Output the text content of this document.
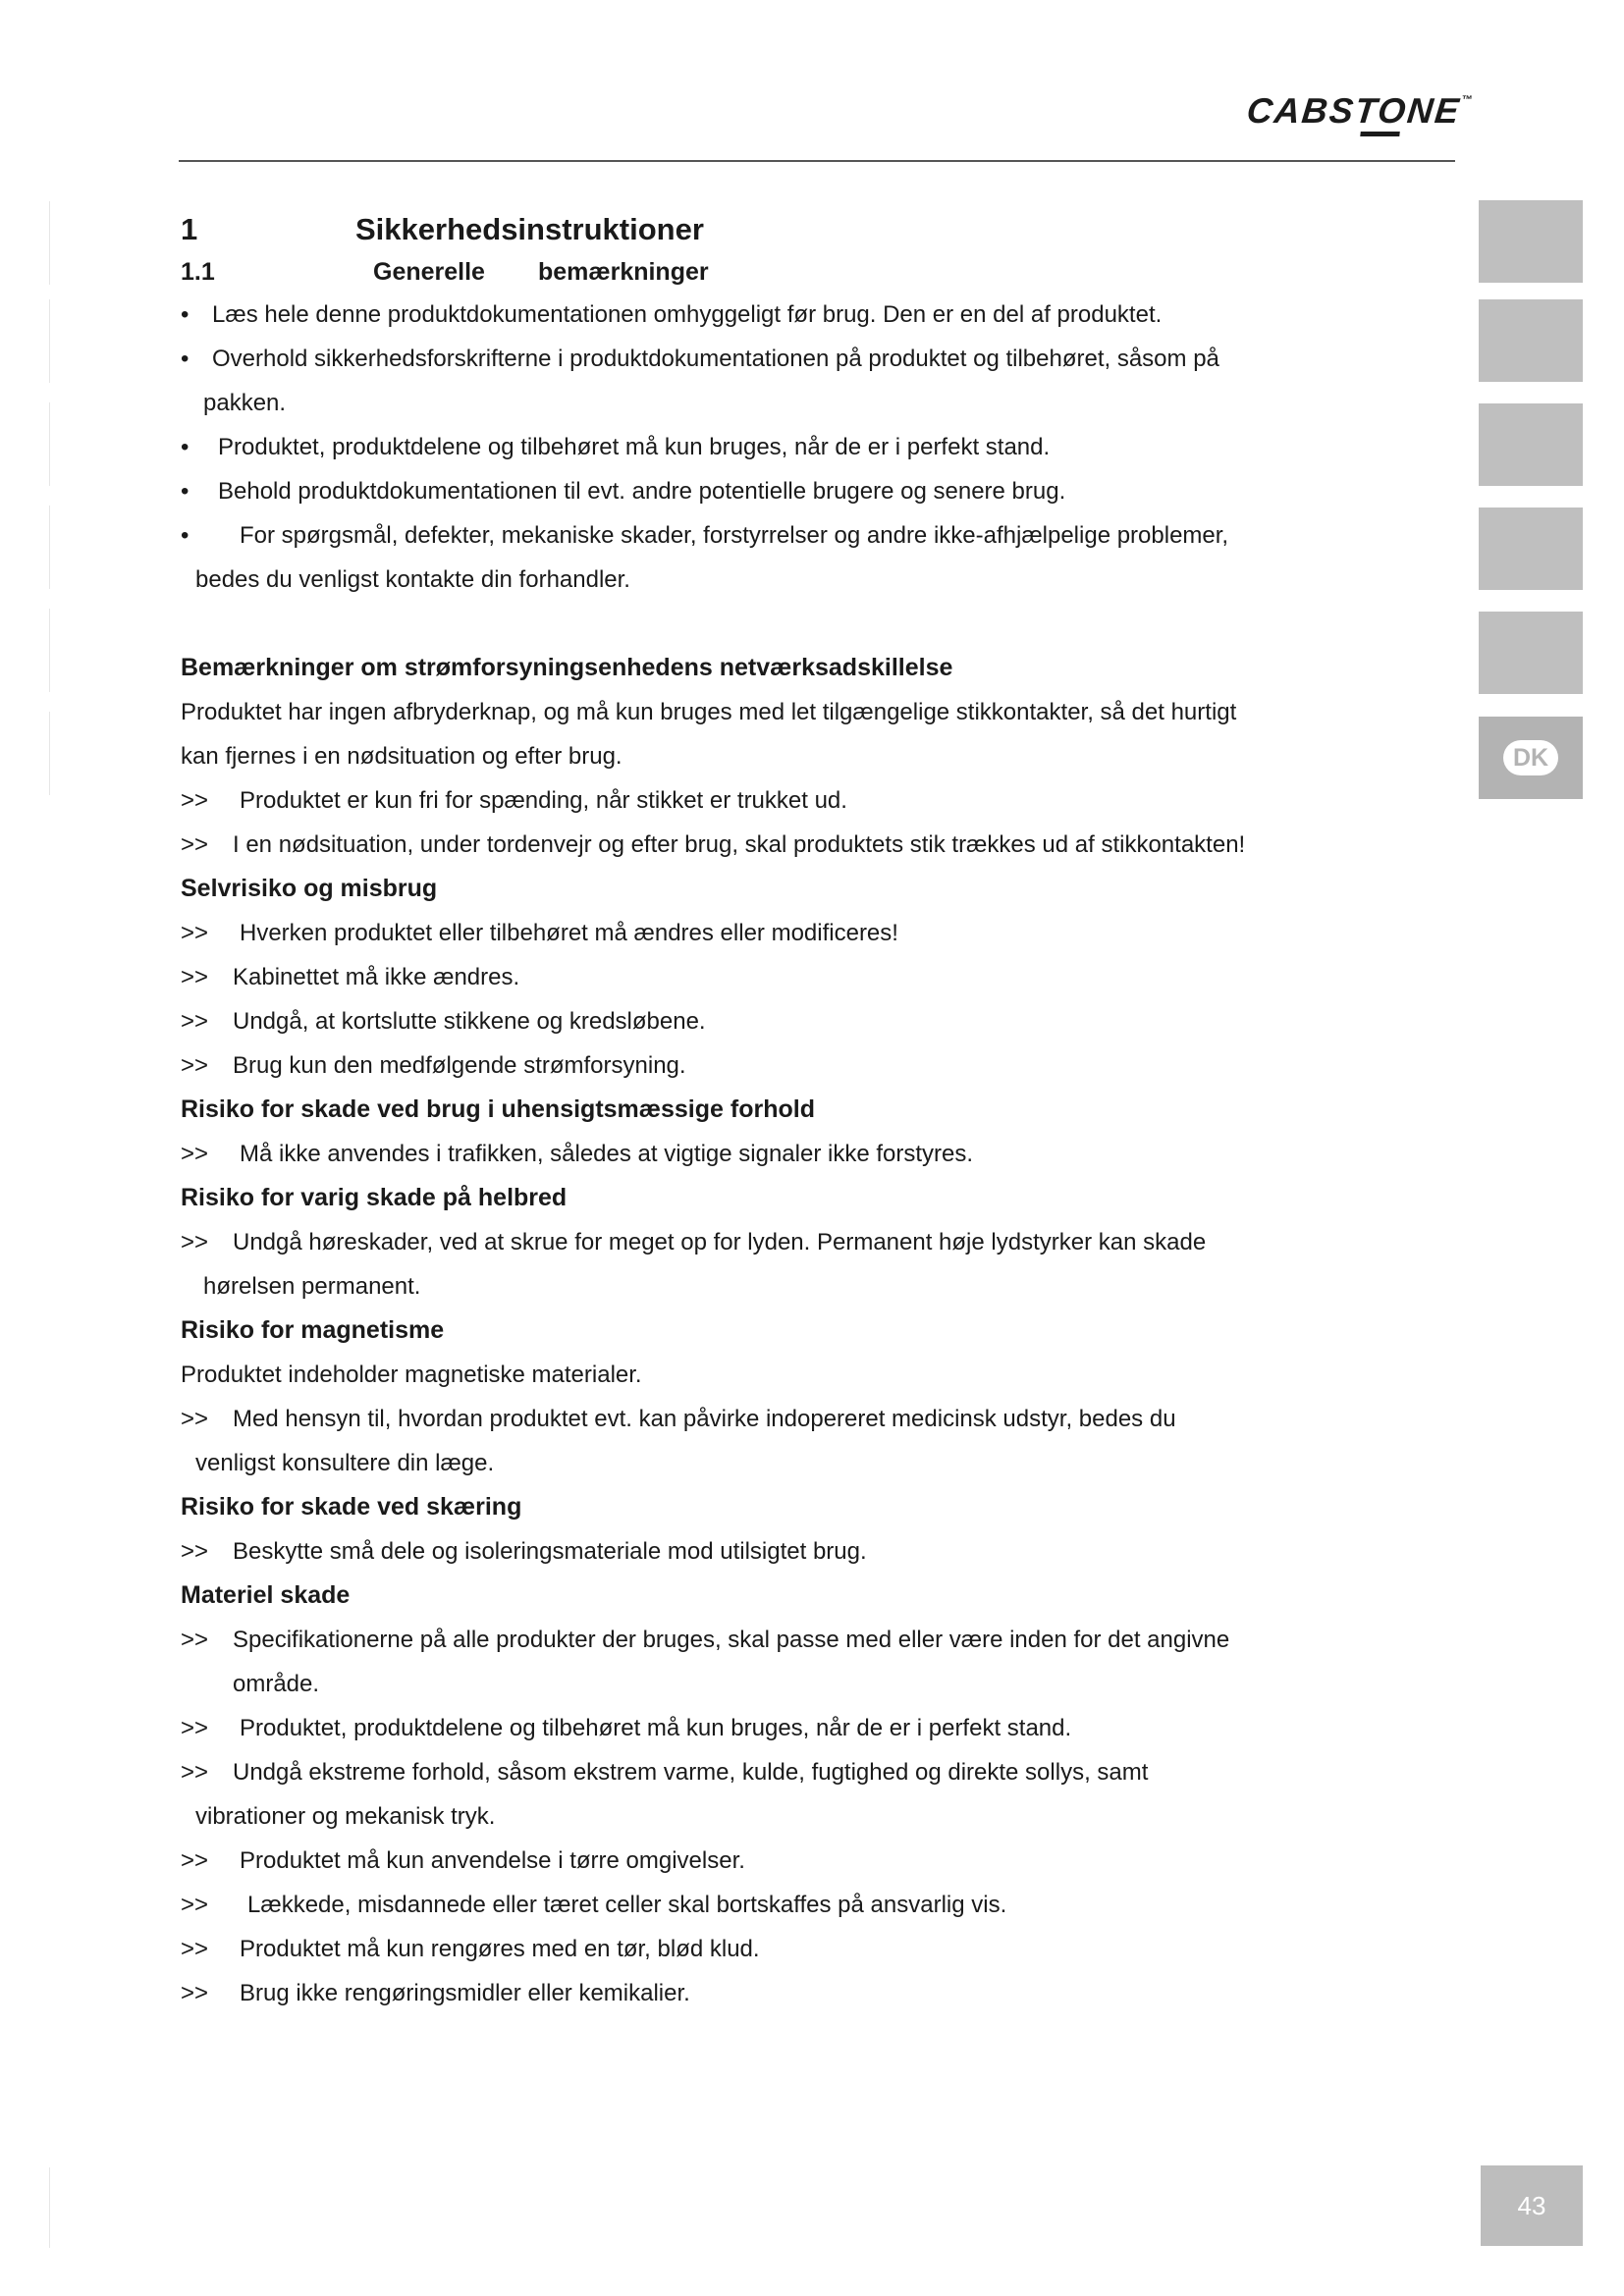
CABSTONE™
DK
43
1	Sikkerhedsinstruktioner
1.1	Generelle bemærkninger
• Læs hele denne produktdokumentationen omhyggeligt før brug. Den er en del af produktet.
• Overhold sikkerhedsforskrifterne i produktdokumentationen på produktet og tilbehøret, såsom på
pakken.
• Produktet, produktdelene og tilbehøret må kun bruges, når de er i perfekt stand.
• Behold produktdokumentationen til evt. andre potentielle brugere og senere brug.
• For spørgsmål, defekter, mekaniske skader, forstyrrelser og andre ikke-afhjælpelige problemer,
bedes du venligst kontakte din forhandler.
Bemærkninger om strømforsyningsenhedens netværksadskillelse
Produktet har ingen afbryderknap, og må kun bruges med let tilgængelige stikkontakter, så det hurtigt
kan fjernes i en nødsituation og efter brug.
>> Produktet er kun fri for spænding, når stikket er trukket ud.
>> I en nødsituation, under tordenvejr og efter brug, skal produktets stik trækkes ud af stikkontakten!
Selvrisiko og misbrug
>> Hverken produktet eller tilbehøret må ændres eller modificeres!
>> Kabinettet må ikke ændres.
>> Undgå, at kortslutte stikkene og kredsløbene.
>> Brug kun den medfølgende strømforsyning.
Risiko for skade ved brug i uhensigtsmæssige forhold
>> Må ikke anvendes i trafikken, således at vigtige signaler ikke forstyres.
Risiko for varig skade på helbred
>> Undgå høreskader, ved at skrue for meget op for lyden. Permanent høje lydstyrker kan skade
hørelsen permanent.
Risiko for magnetisme
Produktet indeholder magnetiske materialer.
>> Med hensyn til, hvordan produktet evt. kan påvirke indopereret medicinsk udstyr, bedes du
venligst konsultere din læge.
Risiko for skade ved skæring
>> Beskytte små dele og isoleringsmateriale mod utilsigtet brug.
Materiel skade
>> Specifikationerne på alle produkter der bruges, skal passe med eller være inden for det angivne
område.
>> Produktet, produktdelene og tilbehøret må kun bruges, når de er i perfekt stand.
>> Undgå ekstreme forhold, såsom ekstrem varme, kulde, fugtighed og direkte sollys, samt
vibrationer og mekanisk tryk.
>> Produktet må kun anvendelse i tørre omgivelser.
>> Lækkede, misdannede eller tæret celler skal bortskaffes på ansvarlig vis.
>> Produktet må kun rengøres med en tør, blød klud.
>> Brug ikke rengøringsmidler eller kemikalier.
